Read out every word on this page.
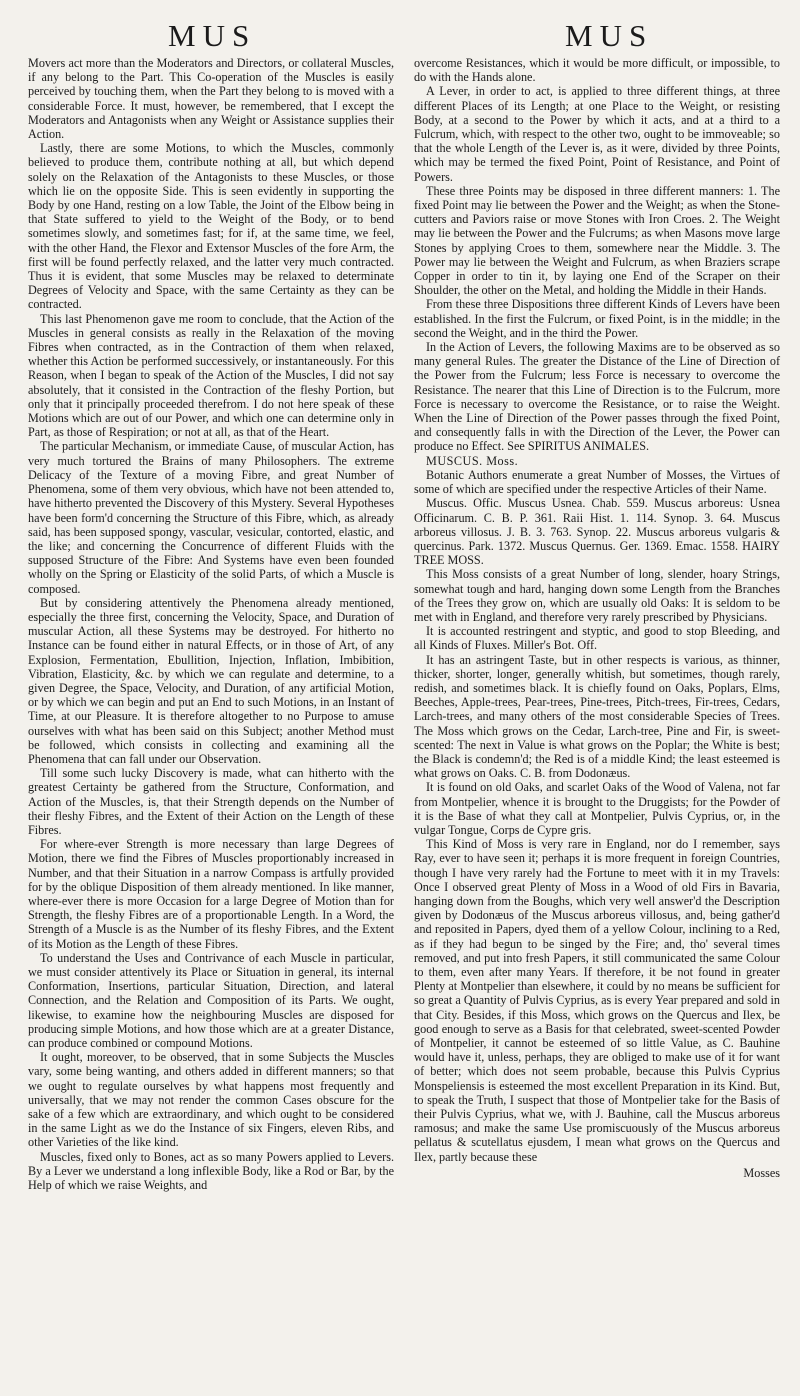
MUS	MUS

Movers act more than the Moderators and Directors, or collateral Muscles, if any belong to the Part. This Co-operation of the Muscles is easily perceived by touching them, when the Part they belong to is moved with a considerable Force. It must, however, be remembered, that I except the Moderators and Antagonists when any Weight or Assistance supplies their Action.

Lastly, there are some Motions, to which the Muscles, commonly believed to produce them, contribute nothing at all, but which depend solely on the Relaxation of the Antagonists to these Muscles, or those which lie on the opposite Side. This is seen evidently in supporting the Body by one Hand, resting on a low Table, the Joint of the Elbow being in that State suffered to yield to the Weight of the Body, or to bend sometimes slowly, and sometimes fast; for if, at the same time, we feel, with the other Hand, the Flexor and Extensor Muscles of the fore Arm, the first will be found perfectly relaxed, and the latter very much contracted. Thus it is evident, that some Muscles may be relaxed to determinate Degrees of Velocity and Space, with the same Certainty as they can be contracted.

This last Phenomenon gave me room to conclude, that the Action of the Muscles in general consists as really in the Relaxation of the moving Fibres when contracted, as in the Contraction of them when relaxed, whether this Action be performed successively, or instantaneously. For this Reason, when I began to speak of the Action of the Muscles, I did not say absolutely, that it consisted in the Contraction of the fleshy Portion, but only that it principally proceeded therefrom. I do not here speak of these Motions which are out of our Power, and which one can determine only in Part, as those of Respiration; or not at all, as that of the Heart.

The particular Mechanism, or immediate Cause, of muscular Action, has very much tortured the Brains of many Philosophers. The extreme Delicacy of the Texture of a moving Fibre, and great Number of Phenomena, some of them very obvious, which have not been attended to, have hitherto prevented the Discovery of this Mystery. Several Hypotheses have been form'd concerning the Structure of this Fibre, which, as already said, has been supposed spongy, vascular, vesicular, contorted, elastic, and the like; and concerning the Concurrence of different Fluids with the supposed Structure of the Fibre: And Systems have even been founded wholly on the Spring or Elasticity of the solid Parts, of which a Muscle is composed.

But by considering attentively the Phenomena already mentioned, especially the three first, concerning the Velocity, Space, and Duration of muscular Action, all these Systems may be destroyed. For hitherto no Instance can be found either in natural Effects, or in those of Art, of any Explosion, Fermentation, Ebullition, Injection, Inflation, Imbibition, Vibration, Elasticity, &c. by which we can regulate and determine, to a given Degree, the Space, Velocity, and Duration, of any artificial Motion, or by which we can begin and put an End to such Motions, in an Instant of Time, at our Pleasure. It is therefore altogether to no Purpose to amuse ourselves with what has been said on this Subject; another Method must be followed, which consists in collecting and examining all the Phenomena that can fall under our Observation.

Till some such lucky Discovery is made, what can hitherto with the greatest Certainty be gathered from the Structure, Conformation, and Action of the Muscles, is, that their Strength depends on the Number of their fleshy Fibres, and the Extent of their Action on the Length of these Fibres.

For where-ever Strength is more necessary than large Degrees of Motion, there we find the Fibres of Muscles proportionably increased in Number, and that their Situation in a narrow Compass is artfully provided for by the oblique Disposition of them already mentioned. In like manner, where-ever there is more Occasion for a large Degree of Motion than for Strength, the fleshy Fibres are of a proportionable Length. In a Word, the Strength of a Muscle is as the Number of its fleshy Fibres, and the Extent of its Motion as the Length of these Fibres.

To understand the Uses and Contrivance of each Muscle in particular, we must consider attentively its Place or Situation in general, its internal Conformation, Insertions, particular Situation, Direction, and lateral Connection, and the Relation and Composition of its Parts. We ought, likewise, to examine how the neighbouring Muscles are disposed for producing simple Motions, and how those which are at a greater Distance, can produce combined or compound Motions.

It ought, moreover, to be observed, that in some Subjects the Muscles vary, some being wanting, and others added in different manners; so that we ought to regulate ourselves by what happens most frequently and universally, that we may not render the common Cases obscure for the sake of a few which are extraordinary, and which ought to be considered in the same Light as we do the Instance of six Fingers, eleven Ribs, and other Varieties of the like kind.

Muscles, fixed only to Bones, act as so many Powers applied to Levers. By a Lever we understand a long inflexible Body, like a Rod or Bar, by the Help of which we raise Weights, and

overcome Resistances, which it would be more difficult, or impossible, to do with the Hands alone.

A Lever, in order to act, is applied to three different things, at three different Places of its Length; at one Place to the Weight, or resisting Body, at a second to the Power by which it acts, and at a third to a Fulcrum, which, with respect to the other two, ought to be immoveable; so that the whole Length of the Lever is, as it were, divided by three Points, which may be termed the fixed Point, Point of Resistance, and Point of Powers.

These three Points may be disposed in three different manners: 1. The fixed Point may lie between the Power and the Weight; as when the Stone-cutters and Paviors raise or move Stones with Iron Croes. 2. The Weight may lie between the Power and the Fulcrums; as when Masons move large Stones by applying Croes to them, somewhere near the Middle. 3. The Power may lie between the Weight and Fulcrum, as when Braziers scrape Copper in order to tin it, by laying one End of the Scraper on their Shoulder, the other on the Metal, and holding the Middle in their Hands.

From these three Dispositions three different Kinds of Levers have been established. In the first the Fulcrum, or fixed Point, is in the middle; in the second the Weight, and in the third the Power.

In the Action of Levers, the following Maxims are to be observed as so many general Rules. The greater the Distance of the Line of Direction of the Power from the Fulcrum; less Force is necessary to overcome the Resistance. The nearer that this Line of Direction is to the Fulcrum, more Force is necessary to overcome the Resistance, or to raise the Weight. When the Line of Direction of the Power passes through the fixed Point, and consequently falls in with the Direction of the Lever, the Power can produce no Effect. See SPIRITUS ANIMALES.

MUSCUS. Moss.

Botanic Authors enumerate a great Number of Mosses, the Virtues of some of which are specified under the respective Articles of their Name.

Muscus. Offic. Muscus Usnea. Chab. 559. Muscus arboreus: Usnea Officinarum. C. B. P. 361. Raii Hist. 1. 114. Synop. 3. 64. Muscus arboreus villosus. J. B. 3. 763. Synop. 22. Muscus arboreus vulgaris & quercinus. Park. 1372. Muscus Quernus. Ger. 1369. Emac. 1558. HAIRY TREE MOSS.

This Moss consists of a great Number of long, slender, hoary Strings, somewhat tough and hard, hanging down some Length from the Branches of the Trees they grow on, which are usually old Oaks: It is seldom to be met with in England, and therefore very rarely prescribed by Physicians.

It is accounted restringent and styptic, and good to stop Bleeding, and all Kinds of Fluxes. Miller's Bot. Off.

It has an astringent Taste, but in other respects is various, as thinner, thicker, shorter, longer, generally whitish, but sometimes, though rarely, redish, and sometimes black. It is chiefly found on Oaks, Poplars, Elms, Beeches, Apple-trees, Pear-trees, Pine-trees, Pitch-trees, Fir-trees, Cedars, Larch-trees, and many others of the most considerable Species of Trees. The Moss which grows on the Cedar, Larch-tree, Pine and Fir, is sweet-scented: The next in Value is what grows on the Poplar; the White is best; the Black is condemn'd; the Red is of a middle Kind; the least esteemed is what grows on Oaks. C. B. from Dodonæus.

It is found on old Oaks, and scarlet Oaks of the Wood of Valena, not far from Montpelier, whence it is brought to the Druggists; for the Powder of it is the Base of what they call at Montpelier, Pulvis Cyprius, or, in the vulgar Tongue, Corps de Cypre gris.

This Kind of Moss is very rare in England, nor do I remember, says Ray, ever to have seen it; perhaps it is more frequent in foreign Countries, though I have very rarely had the Fortune to meet with it in my Travels: Once I observed great Plenty of Moss in a Wood of old Firs in Bavaria, hanging down from the Boughs, which very well answer'd the Description given by Dodonæus of the Muscus arboreus villosus, and, being gather'd and reposited in Papers, dyed them of a yellow Colour, inclining to a Red, as if they had begun to be singed by the Fire; and, tho' several times removed, and put into fresh Papers, it still communicated the same Colour to them, even after many Years. If therefore, it be not found in greater Plenty at Montpelier than elsewhere, it could by no means be sufficient for so great a Quantity of Pulvis Cyprius, as is every Year prepared and sold in that City. Besides, if this Moss, which grows on the Quercus and Ilex, be good enough to serve as a Basis for that celebrated, sweet-scented Powder of Montpelier, it cannot be esteemed of so little Value, as C. Bauhine would have it, unless, perhaps, they are obliged to make use of it for want of better; which does not seem probable, because this Pulvis Cyprius Monspeliensis is esteemed the most excellent Preparation in its Kind. But, to speak the Truth, I suspect that those of Montpelier take for the Basis of their Pulvis Cyprius, what we, with J. Bauhine, call the Muscus arboreus ramosus; and make the same Use promiscuously of the Muscus arboreus pellatus & scutellatus ejusdem, I mean what grows on the Quercus and Ilex, partly because these

Mosses
